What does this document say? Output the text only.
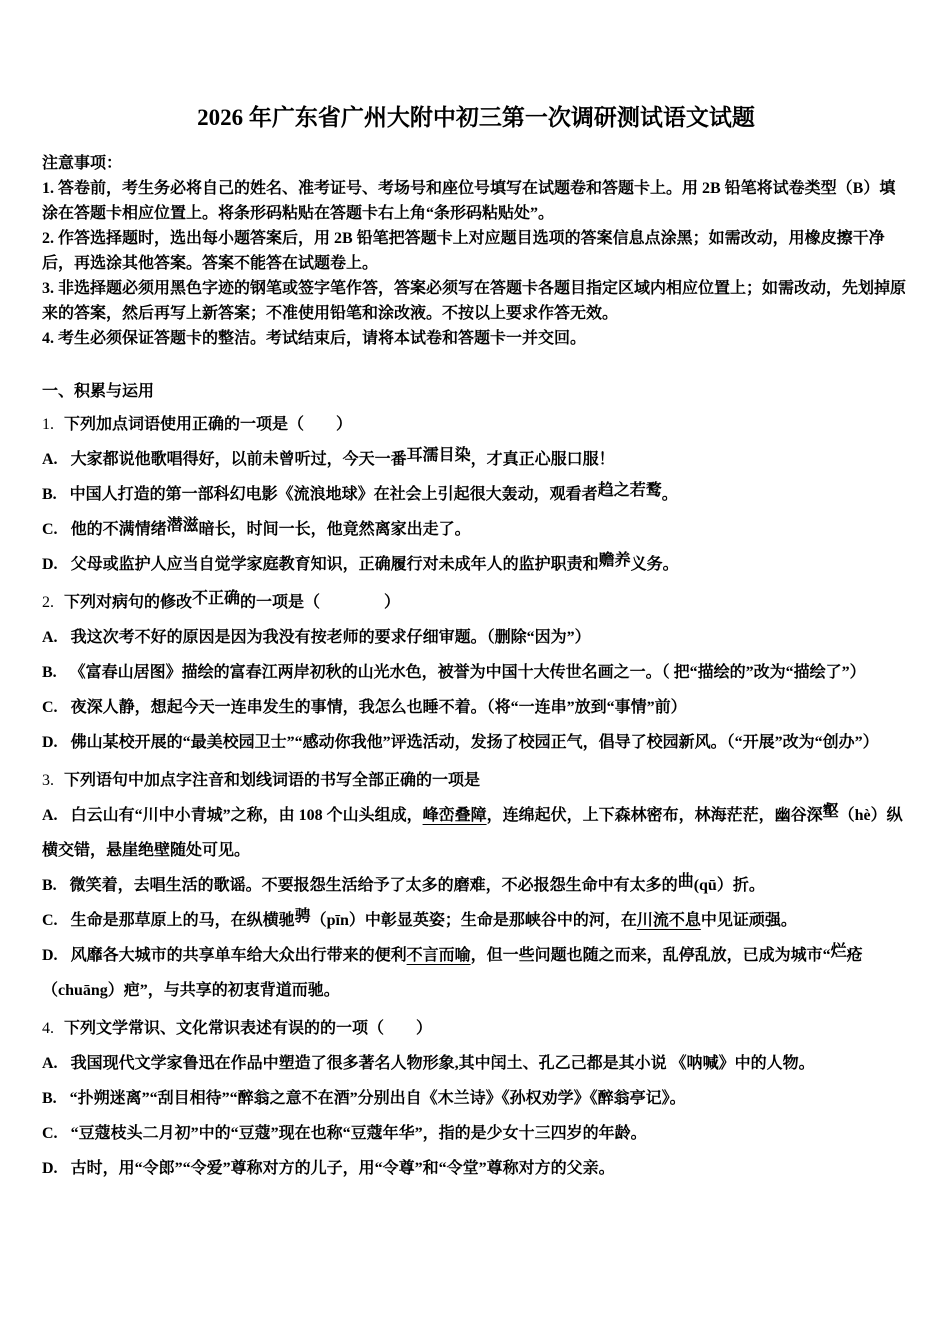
2026 年广东省广州大附中初三第一次调研测试语文试题

注意事项：

1. 答卷前，考生务必将自己的姓名、准考证号、考场号和座位号填写在试题卷和答题卡上。用 2B 铅笔将试卷类型（B）填涂在答题卡相应位置上。将条形码粘贴在答题卡右上角“条形码粘贴处”。

2. 作答选择题时，选出每小题答案后，用 2B 铅笔把答题卡上对应题目选项的答案信息点涂黑；如需改动，用橡皮擦干净后，再选涂其他答案。答案不能答在试题卷上。

3. 非选择题必须用黑色字迹的钢笔或签字笔作答，答案必须写在答题卡各题目指定区域内相应位置上；如需改动，先划掉原来的答案，然后再写上新答案；不准使用铅笔和涂改液。不按以上要求作答无效。

4. 考生必须保证答题卡的整洁。考试结束后，请将本试卷和答题卡一并交回。

一、积累与运用

1. 下列加点词语使用正确的一项是（　　）

A. 大家都说他歌唱得好，以前未曾听过，今天一番耳濡目染，才真正心服口服！

B. 中国人打造的第一部科幻电影《流浪地球》在社会上引起很大轰动，观看者趋之若鹜。

C. 他的不满情绪潜滋暗长，时间一长，他竟然离家出走了。

D. 父母或监护人应当自觉学家庭教育知识，正确履行对未成年人的监护职责和赡养义务。

2. 下列对病句的修改不正确的一项是（　　　　）

A. 我这次考不好的原因是因为我没有按老师的要求仔细审题。（删除“因为”）

B. 《富春山居图》描绘的富春江两岸初秋的山光水色，被誉为中国十大传世名画之一。（ 把“描绘的”改为“描绘了”）

C. 夜深人静，想起今天一连串发生的事情，我怎么也睡不着。（将“一连串”放到“事情”前）

D. 佛山某校开展的“最美校园卫士”“感动你我他”评选活动，发扬了校园正气，倡导了校园新风。（“开展”改为“创办”）

3. 下列语句中加点字注音和划线词语的书写全部正确的一项是

A. 白云山有“川中小青城”之称，由 108 个山头组成，峰峦叠障，连绵起伏，上下森林密布，林海茫茫，幽谷深壑（hè）纵横交错，悬崖绝壁随处可见。

B. 微笑着，去唱生活的歌谣。不要报怨生活给予了太多的磨难，不必报怨生命中有太多的曲(qū）折。

C. 生命是那草原上的马，在纵横驰骋（pīn）中彰显英姿；生命是那峡谷中的河，在川流不息中见证顽强。

D. 风靡各大城市的共享单车给大众出行带来的便利不言而喻，但一些问题也随之而来，乱停乱放，已成为城市“烂疮（chuāng）疤”，与共享的初衷背道而驰。

4. 下列文学常识、文化常识表述有误的的一项（　　）

A. 我国现代文学家鲁迅在作品中塑造了很多著名人物形象,其中闰土、孔乙己都是其小说 《呐喊》中的人物。

B. “扑朔迷离”“刮目相待”“醉翁之意不在酒”分别出自《木兰诗》《孙权劝学》《醉翁亭记》。

C. “豆蔻枝头二月初”中的“豆蔻”现在也称“豆蔻年华”，指的是少女十三四岁的年龄。

D. 古时，用“令郎”“令爱”尊称对方的儿子，用“令尊”和“令堂”尊称对方的父亲。
